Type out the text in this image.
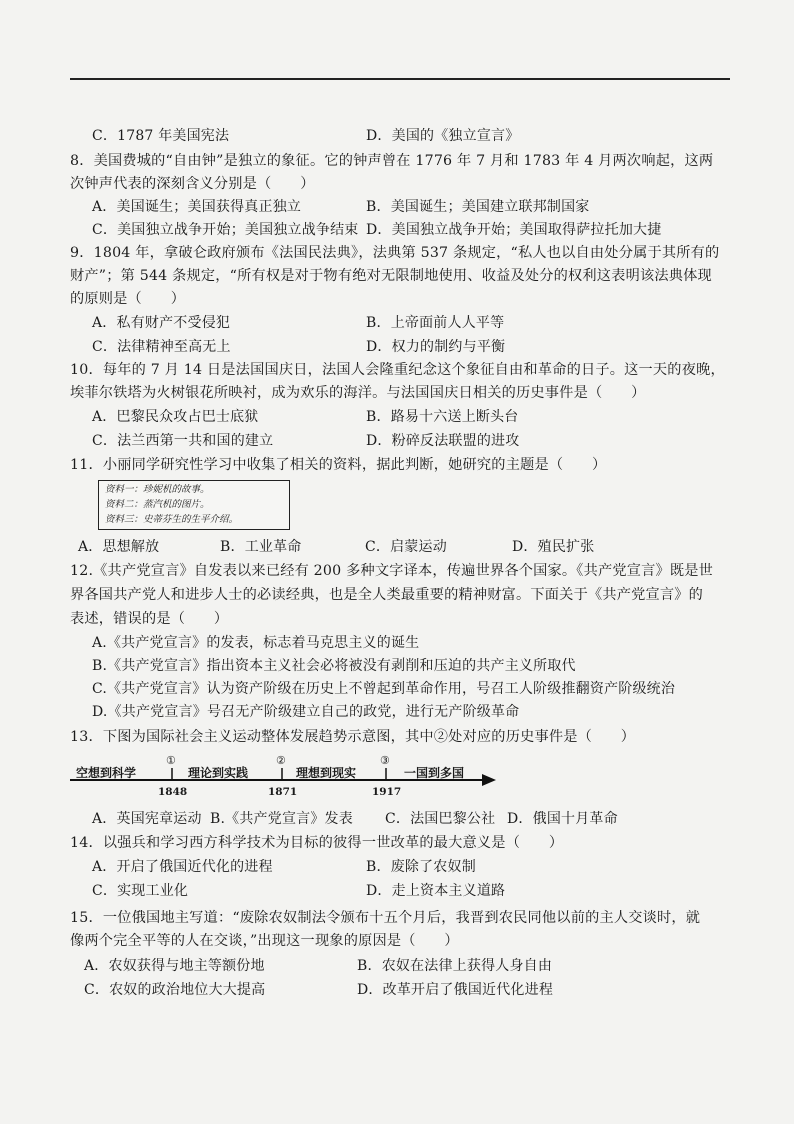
C．1787 年美国宪法	D．美国的《独立宣言》
8．美国费城的“自由钟”是独立的象征。它的钟声曾在 1776 年 7 月和 1783 年 4 月两次响起，这两
次钟声代表的深刻含义分别是（　　）
A．美国诞生；美国获得真正独立	B．美国诞生；美国建立联邦制国家
C．美国独立战争开始；美国独立战争结束 D．美国独立战争开始；美国取得萨拉托加大捷
9．1804 年，拿破仑政府颁布《法国民法典》，法典第 537 条规定，“私人也以自由处分属于其所有的
财产”；第 544 条规定，“所有权是对于物有绝对无限制地使用、收益及处分的权利这表明该法典体现
的原则是（　　）
A．私有财产不受侵犯	B．上帝面前人人平等
C．法律精神至高无上	D．权力的制约与平衡
10．每年的 7 月 14 日是法国国庆日，法国人会隆重纪念这个象征自由和革命的日子。这一天的夜晚，
埃菲尔铁塔为火树银花所映衬，成为欢乐的海洋。与法国国庆日相关的历史事件是（　　）
A．巴黎民众攻占巴士底狱	B．路易十六送上断头台
C．法兰西第一共和国的建立	D．粉碎反法联盟的进攻
11．小丽同学研究性学习中收集了相关的资料，据此判断，她研究的主题是（　　）
资料一：珍妮机的故事。
资料二：蒸汽机的图片。
资料三：史蒂芬生的生平介绍。
A．思想解放	B．工业革命	C．启蒙运动	D．殖民扩张
12.《共产党宣言》自发表以来已经有 200 多种文字译本，传遍世界各个国家。《共产党宣言》既是世
界各国共产党人和进步人士的必读经典，也是全人类最重要的精神财富。下面关于《共产党宣言》的
表述，错误的是（　　）
A.《共产党宣言》的发表，标志着马克思主义的诞生
B.《共产党宣言》指出资本主义社会必将被没有剥削和压迫的共产主义所取代
C.《共产党宣言》认为资产阶级在历史上不曾起到革命作用，号召工人阶级推翻资产阶级统治
D.《共产党宣言》号召无产阶级建立自己的政党，进行无产阶级革命
13．下图为国际社会主义运动整体发展趋势示意图，其中②处对应的历史事件是（　　）
①	②	③
空想到科学	理论到实践	理想到现实	一国到多国
1848	1871	1917
A．英国宪章运动 B.《共产党宣言》发表 C．法国巴黎公社 D．俄国十月革命
14．以强兵和学习西方科学技术为目标的彼得一世改革的最大意义是（　　）
A．开启了俄国近代化的进程	B．废除了农奴制
C．实现工业化	D．走上资本主义道路
15．一位俄国地主写道：“废除农奴制法令颁布十五个月后，我晋到农民同他以前的主人交谈时，就
像两个完全平等的人在交谈，”出现这一现象的原因是（　　）
A．农奴获得与地主等额份地	B．农奴在法律上获得人身自由
C．农奴的政治地位大大提高	D．改革开启了俄国近代化进程
